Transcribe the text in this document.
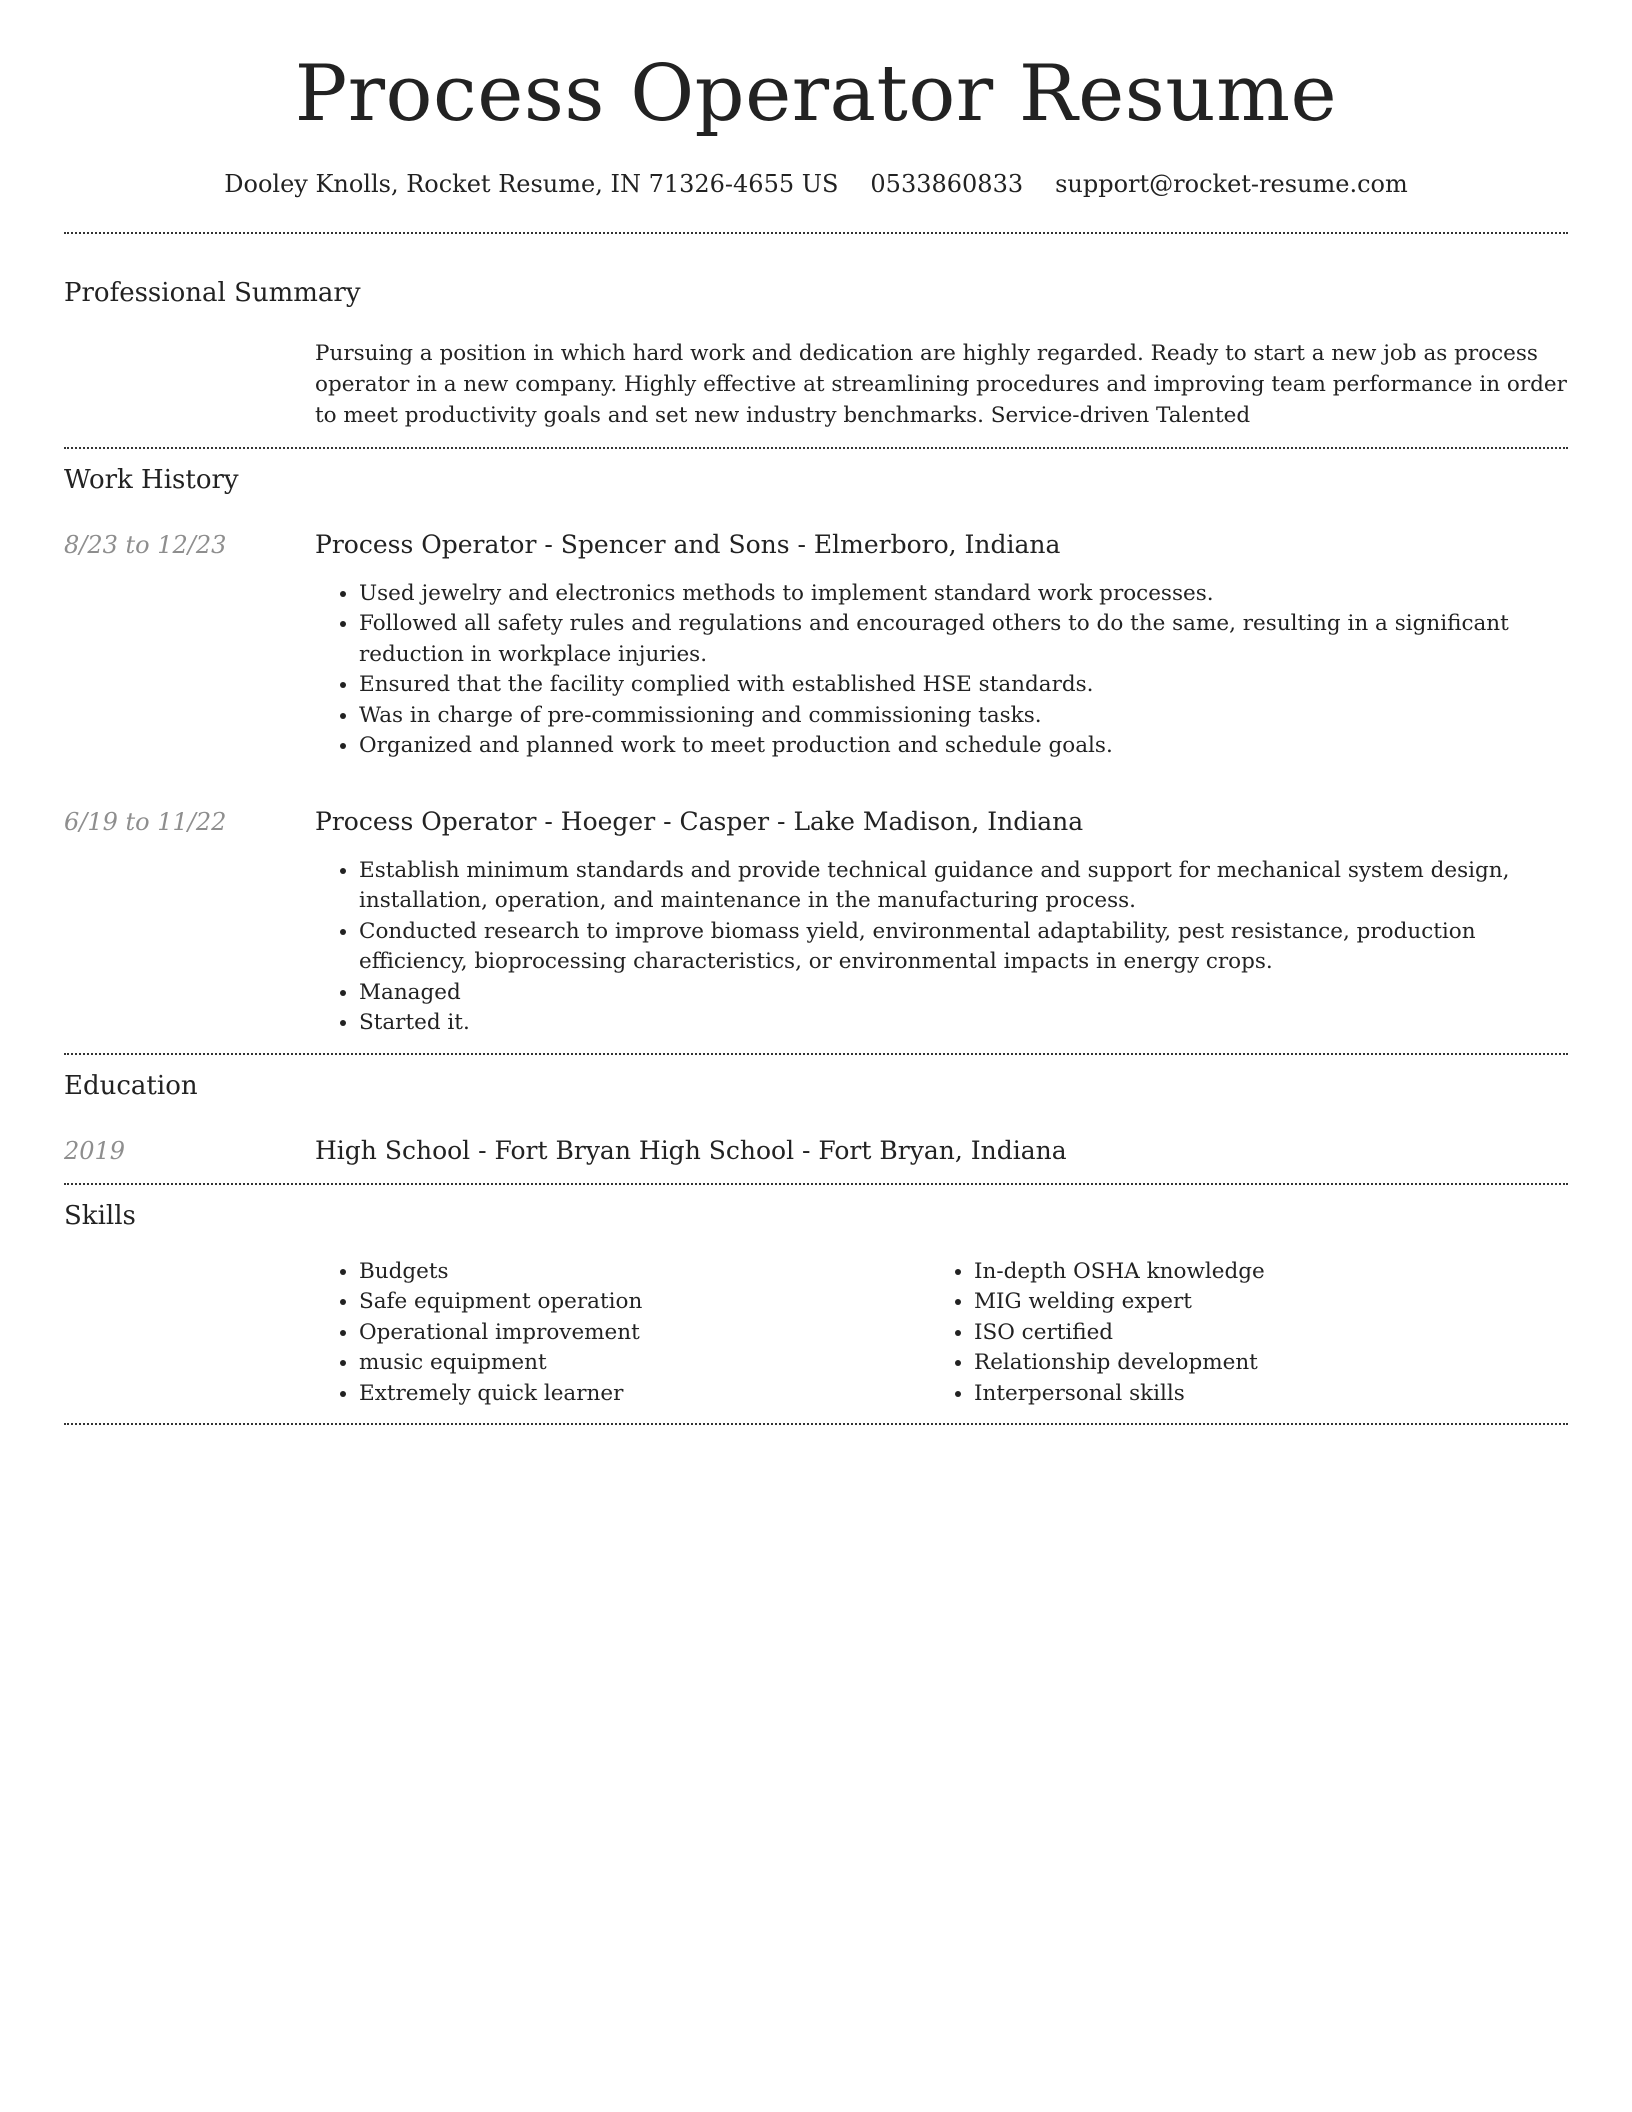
Process Operator Resume
Dooley Knolls, Rocket Resume, IN 71326-4655 US 0533860833 support@rocket-resume.com
Professional Summary

Pursuing a position in which hard work and dedication are highly regarded. Ready to start a new job as process operator in a new company. Highly effective at streamlining procedures and improving team performance in order to meet productivity goals and set new industry benchmarks. Service-driven Talented

Work History
8/23 to 12/23	Process Operator - Spencer and Sons - Elmerboro, Indiana
• Used jewelry and electronics methods to implement standard work processes.
• Followed all safety rules and regulations and encouraged others to do the same, resulting in a significant reduction in workplace injuries.
• Ensured that the facility complied with established HSE standards.
• Was in charge of pre-commissioning and commissioning tasks.
• Organized and planned work to meet production and schedule goals.
6/19 to 11/22	Process Operator - Hoeger - Casper - Lake Madison, Indiana
• Establish minimum standards and provide technical guidance and support for mechanical system design, installation, operation, and maintenance in the manufacturing process.
• Conducted research to improve biomass yield, environmental adaptability, pest resistance, production efficiency, bioprocessing characteristics, or environmental impacts in energy crops.
• Managed
• Started it.
Education
2019	High School - Fort Bryan High School - Fort Bryan, Indiana
Skills
• Budgets
• Safe equipment operation
• Operational improvement
• music equipment
• Extremely quick learner
• In-depth OSHA knowledge
• MIG welding expert
• ISO certified
• Relationship development
• Interpersonal skills
